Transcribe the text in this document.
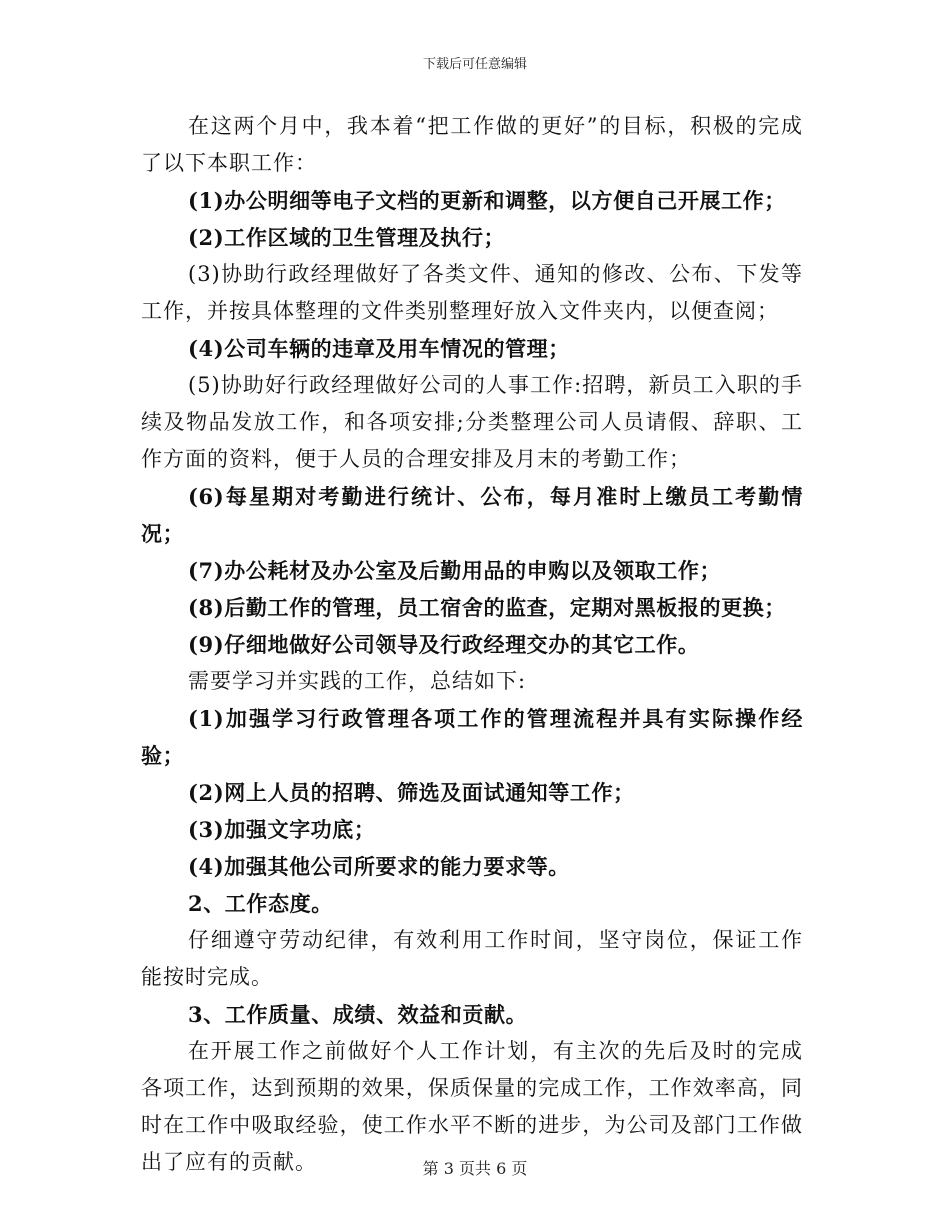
下载后可任意编辑

在这两个月中，我本着“把工作做的更好”的目标，积极的完成了以下本职工作：

(1)办公明细等电子文档的更新和调整，以方便自己开展工作；

(2)工作区域的卫生管理及执行；

(3)协助行政经理做好了各类文件、通知的修改、公布、下发等工作，并按具体整理的文件类别整理好放入文件夹内，以便查阅；

(4)公司车辆的违章及用车情况的管理；

(5)协助好行政经理做好公司的人事工作:招聘，新员工入职的手续及物品发放工作，和各项安排;分类整理公司人员请假、辞职、工作方面的资料，便于人员的合理安排及月末的考勤工作；

(6)每星期对考勤进行统计、公布，每月准时上缴员工考勤情况；

(7)办公耗材及办公室及后勤用品的申购以及领取工作；

(8)后勤工作的管理，员工宿舍的监查，定期对黑板报的更换；

(9)仔细地做好公司领导及行政经理交办的其它工作。

需要学习并实践的工作，总结如下:

(1)加强学习行政管理各项工作的管理流程并具有实际操作经验；

(2)网上人员的招聘、筛选及面试通知等工作；

(3)加强文字功底；

(4)加强其他公司所要求的能力要求等。

2、工作态度。

仔细遵守劳动纪律，有效利用工作时间，坚守岗位，保证工作能按时完成。

3、工作质量、成绩、效益和贡献。

在开展工作之前做好个人工作计划，有主次的先后及时的完成各项工作，达到预期的效果，保质保量的完成工作，工作效率高，同时在工作中吸取经验，使工作水平不断的进步，为公司及部门工作做出了应有的贡献。	第 3 页共 6 页
